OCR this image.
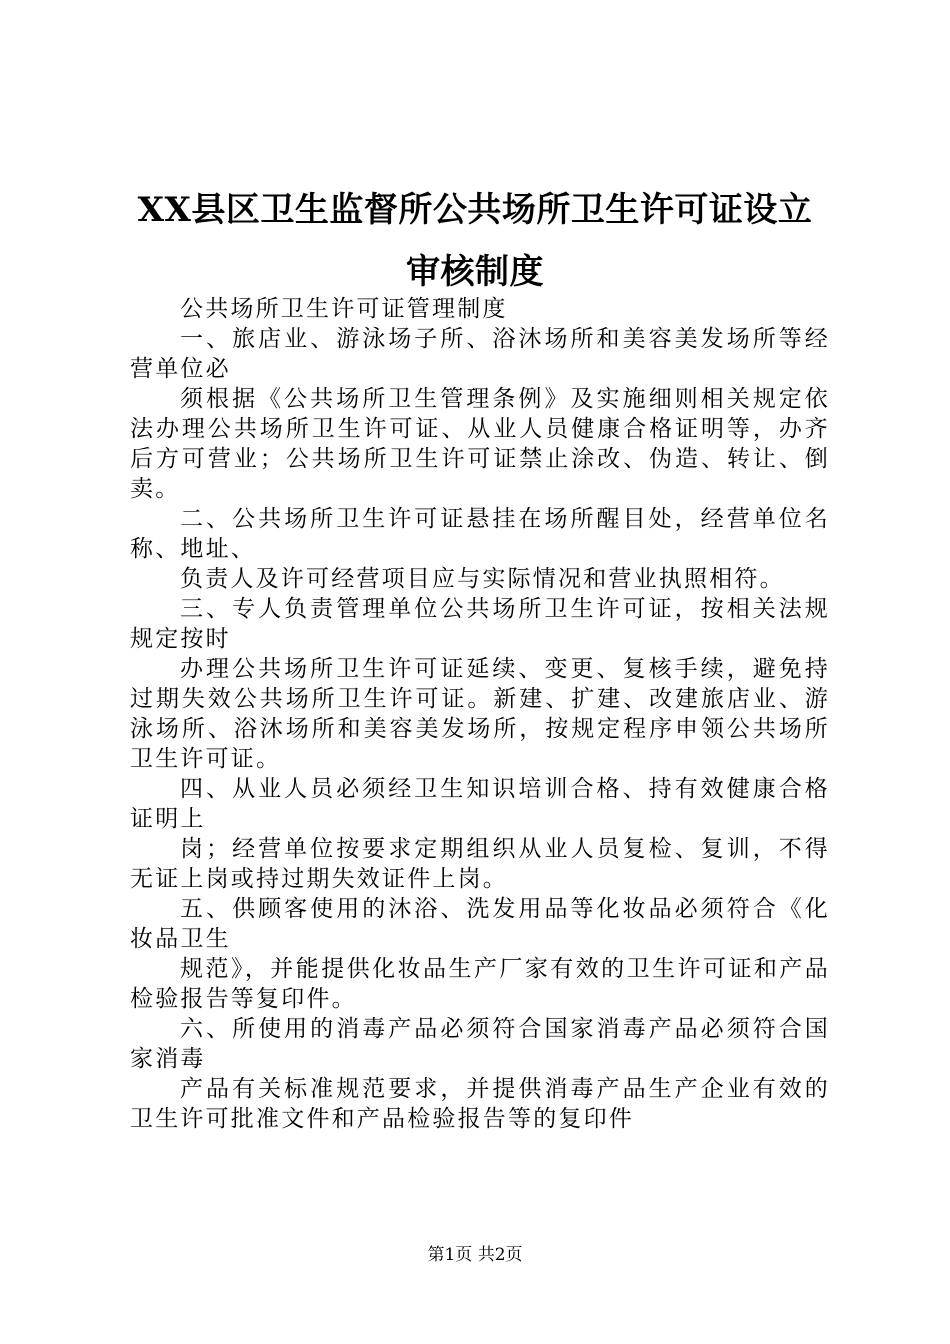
XX县区卫生监督所公共场所卫生许可证设立
审核制度

公共场所卫生许可证管理制度

一、旅店业、游泳场子所、浴沐场所和美容美发场所等经营单位必

须根据《公共场所卫生管理条例》及实施细则相关规定依法办理公共场所卫生许可证、从业人员健康合格证明等，办齐后方可营业；公共场所卫生许可证禁止涂改、伪造、转让、倒卖。

二、公共场所卫生许可证悬挂在场所醒目处，经营单位名称、地址、

负责人及许可经营项目应与实际情况和营业执照相符。

三、专人负责管理单位公共场所卫生许可证，按相关法规规定按时

办理公共场所卫生许可证延续、变更、复核手续，避免持过期失效公共场所卫生许可证。新建、扩建、改建旅店业、游泳场所、浴沐场所和美容美发场所，按规定程序申领公共场所卫生许可证。

四、从业人员必须经卫生知识培训合格、持有效健康合格证明上

岗；经营单位按要求定期组织从业人员复检、复训，不得无证上岗或持过期失效证件上岗。

五、供顾客使用的沐浴、洗发用品等化妆品必须符合《化妆品卫生

规范》，并能提供化妆品生产厂家有效的卫生许可证和产品检验报告等复印件。

六、所使用的消毒产品必须符合国家消毒产品必须符合国家消毒

产品有关标准规范要求，并提供消毒产品生产企业有效的卫生许可批准文件和产品检验报告等的复印件

第1页 共2页
